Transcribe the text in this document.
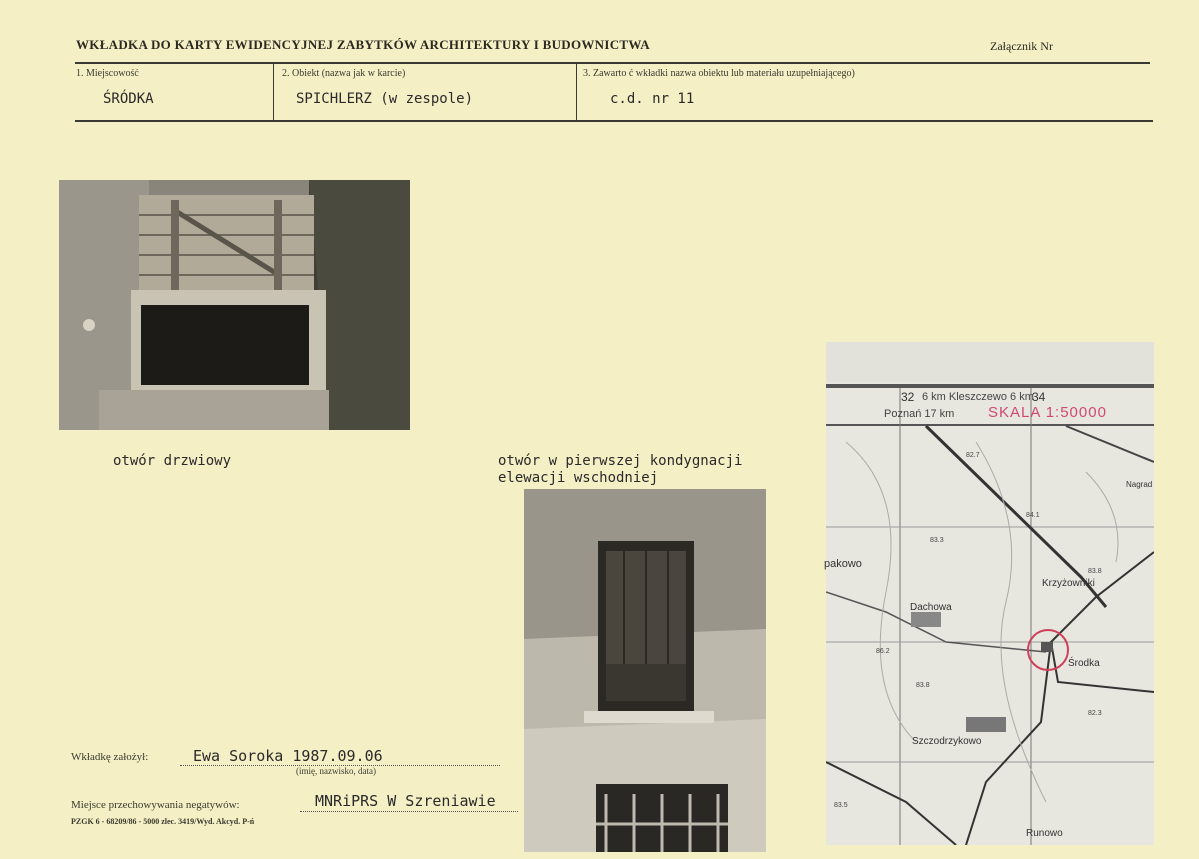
WKŁADKA DO KARTY EWIDENCYJNEJ ZABYTKÓW ARCHITEKTURY I BUDOWNICTWA	Załącznik Nr
1. Miejscowość
ŚRÓDKA
2. Obiekt (nazwa jak w karcie)
SPICHLERZ (w zespole)
3. Zawarto ć wkładki nazwa obiektu lub materiału uzupełniającego)
c.d. nr 11
otwór drzwiowy	otwór w pierwszej kondygnacji
elewacji wschodniej
32 6 km Kleszczewo 6 km
34
Poznań 17 km SKALA 1:50000
pakowo
Dachowa
Krzyżowniki
Środka
Szczodrzykowo
Runowo
Nagrad
82.7
83.3
83.8
86.2
83.8
84.1
82.3
83.5
Wkładkę założył:	Ewa Soroka 1987.09.06
(imię, nazwisko, data)
Miejsce przechowywania negatywów:	MNRiPRS W Szreniawie
PZGK 6 - 68209/86 - 5000 zlec. 3419/Wyd. Akcyd. P-ń
